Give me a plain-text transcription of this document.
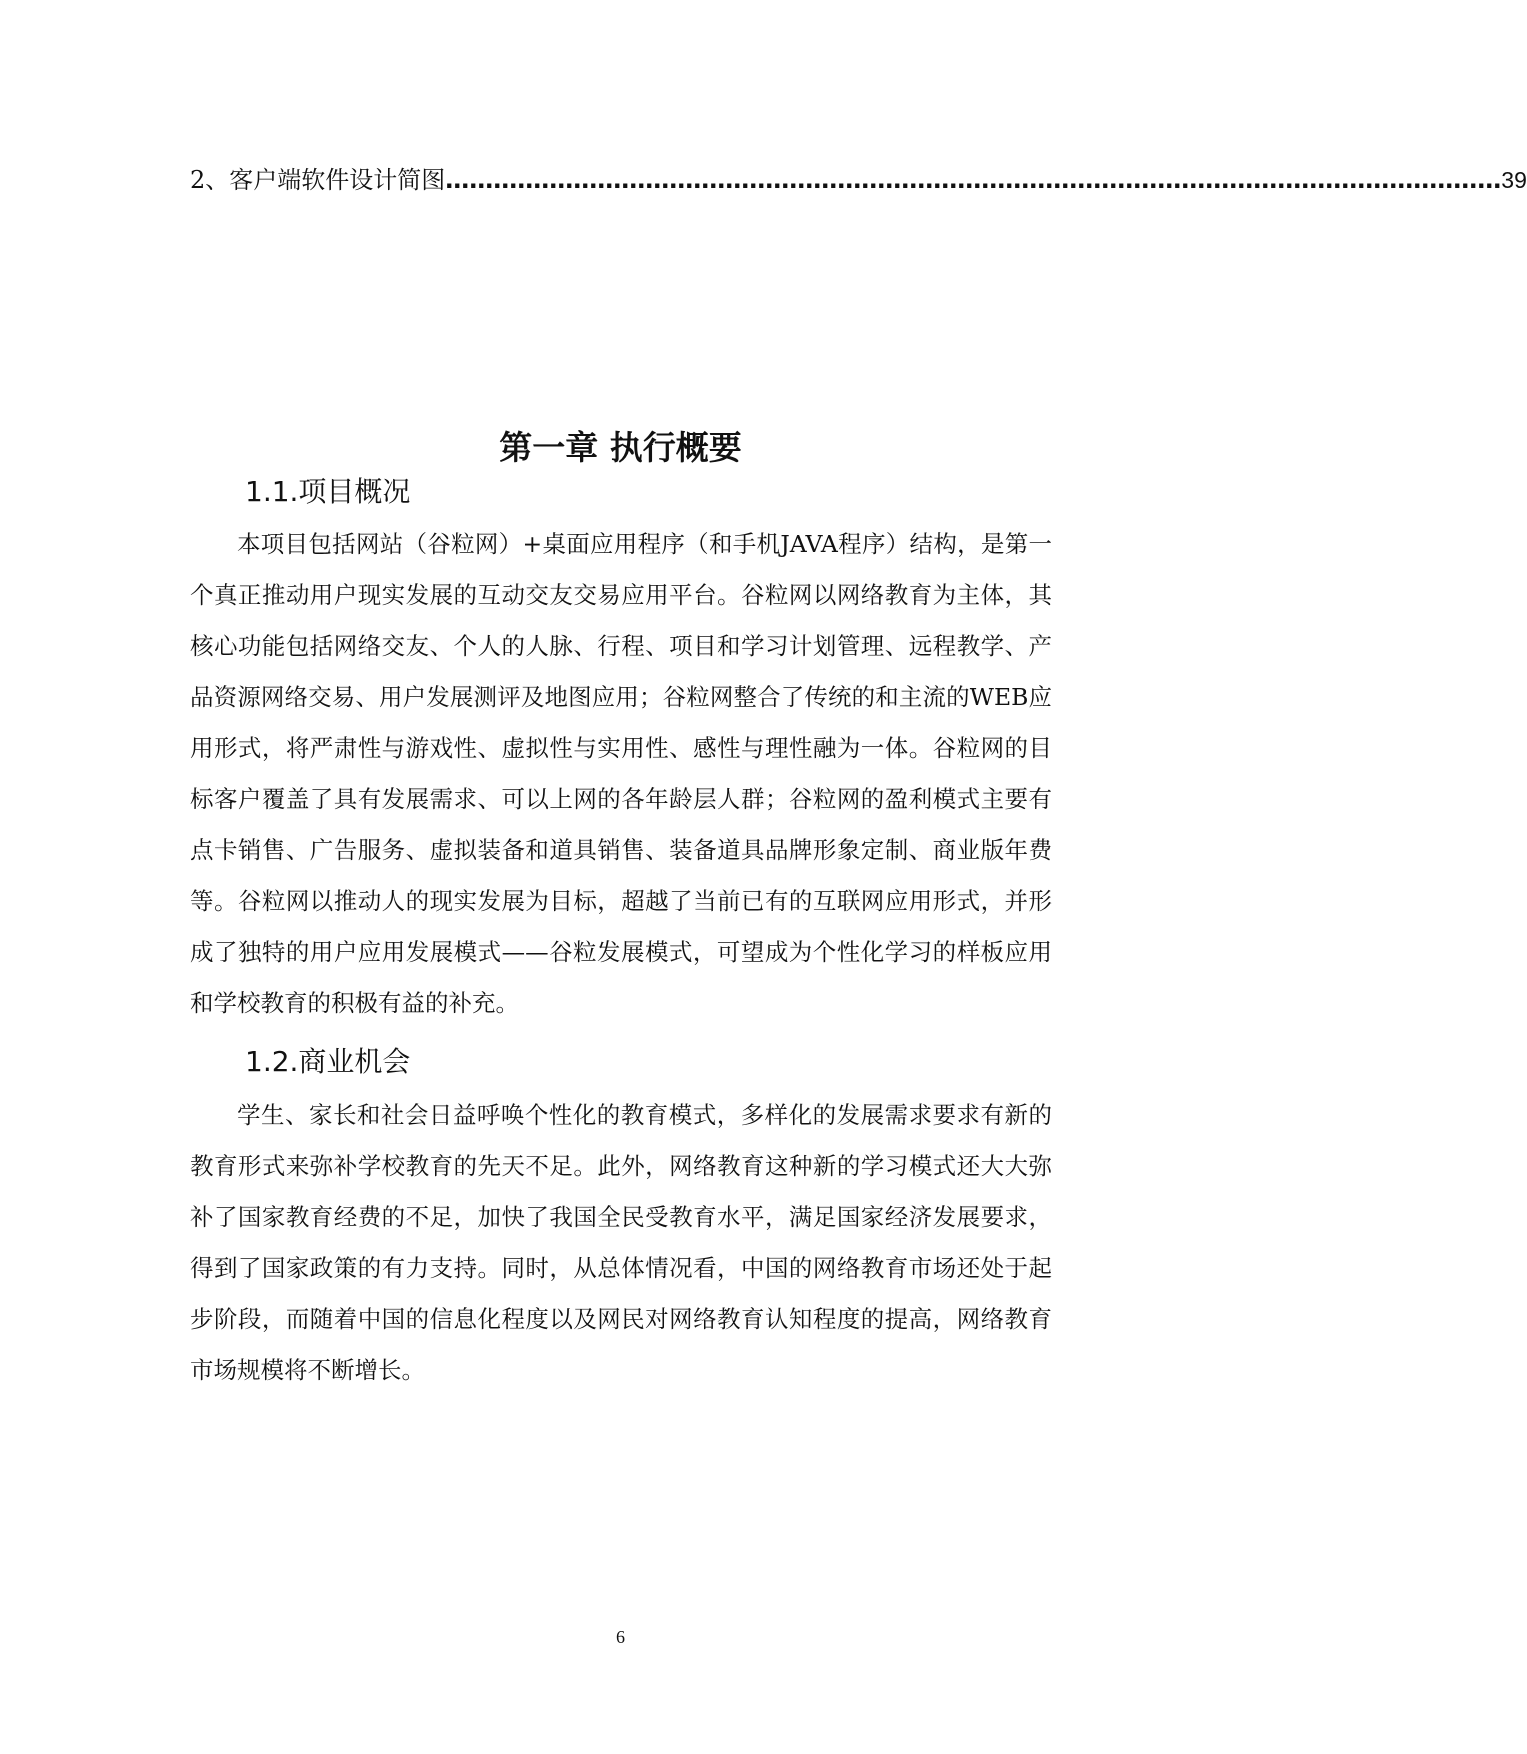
2、客户端软件设计简图 …………………………………………………………………………………………………………………… 39
第一章 执行概要
1.1.项目概况

本项目包括网站（谷粒网）+桌面应用程序（和手机JAVA程序）结构，是第一个真正推动用户现实发展的互动交友交易应用平台。谷粒网以网络教育为主体，其核心功能包括网络交友、个人的人脉、行程、项目和学习计划管理、远程教学、产品资源网络交易、用户发展测评及地图应用；谷粒网整合了传统的和主流的WEB应用形式，将严肃性与游戏性、虚拟性与实用性、感性与理性融为一体。谷粒网的目标客户覆盖了具有发展需求、可以上网的各年龄层人群；谷粒网的盈利模式主要有点卡销售、广告服务、虚拟装备和道具销售、装备道具品牌形象定制、商业版年费等。谷粒网以推动人的现实发展为目标，超越了当前已有的互联网应用形式，并形成了独特的用户应用发展模式——谷粒发展模式，可望成为个性化学习的样板应用和学校教育的积极有益的补充。

1.2.商业机会

学生、家长和社会日益呼唤个性化的教育模式，多样化的发展需求要求有新的教育形式来弥补学校教育的先天不足。此外，网络教育这种新的学习模式还大大弥补了国家教育经费的不足，加快了我国全民受教育水平，满足国家经济发展要求，得到了国家政策的有力支持。同时，从总体情况看，中国的网络教育市场还处于起步阶段，而随着中国的信息化程度以及网民对网络教育认知程度的提高，网络教育市场规模将不断增长。

6
